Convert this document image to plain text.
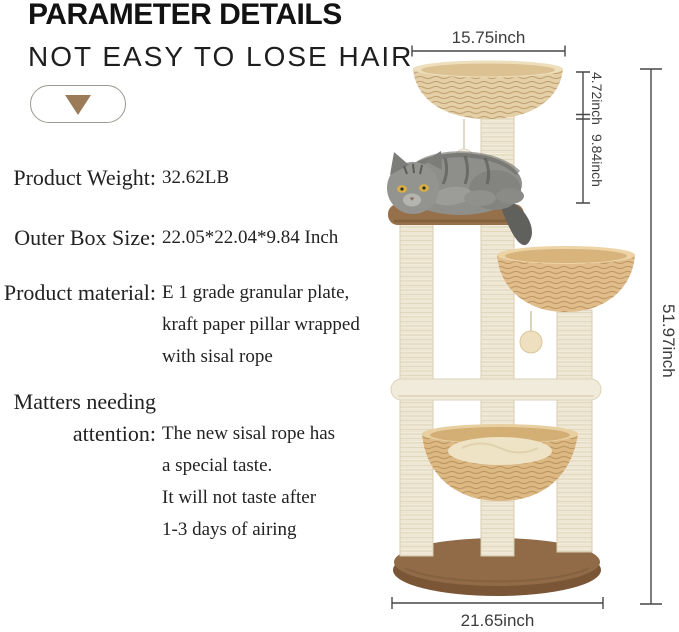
PARAMETER DETAILS
NOT EASY TO LOSE HAIR
Product Weight: 32.62LB
Outer Box Size: 22.05*22.04*9.84 Inch
Product material: E 1 grade granular plate,
kraft paper pillar wrapped
with sisal rope
Matters needing
attention: The new sisal rope has
a special taste.
It will not taste after
1-3 days of airing
15.75inch
4.72inch
9.84inch
51.97inch
21.65inch
